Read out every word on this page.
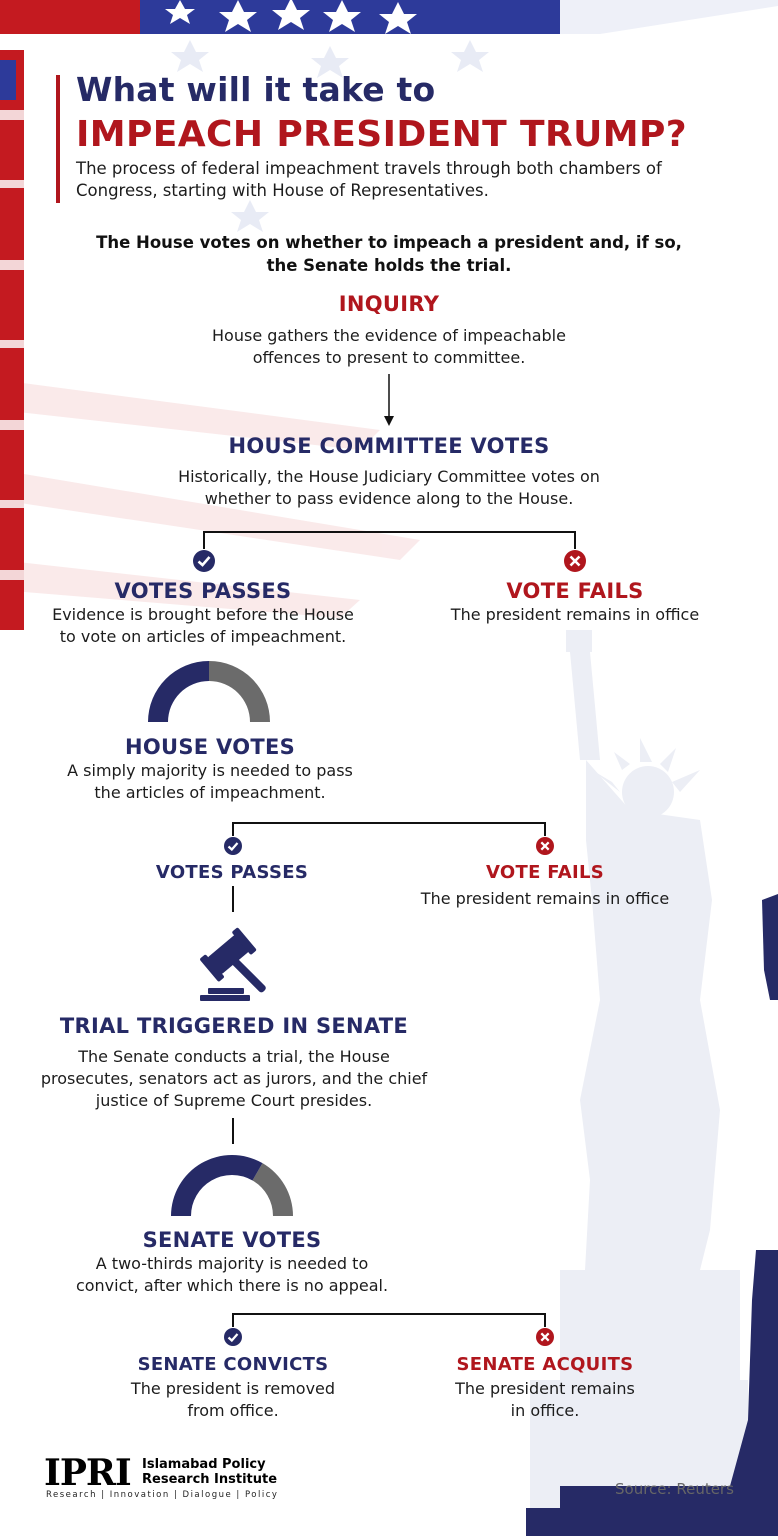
What will it take to
IMPEACH PRESIDENT TRUMP?
The process of federal impeachment travels through both chambers of Congress, starting with House of Representatives.
The House votes on whether to impeach a president and, if so,
the Senate holds the trial.
INQUIRY
House gathers the evidence of impeachable
offences to present to committee.
HOUSE COMMITTEE VOTES
Historically, the House Judiciary Committee votes on
whether to pass evidence along to the House.
VOTES PASSES
Evidence is brought before the House
to vote on articles of impeachment.
VOTE FAILS
The president remains in office
HOUSE VOTES
A simply majority is needed to pass
the articles of impeachment.
VOTES PASSES	VOTE FAILS
The president remains in office
TRIAL TRIGGERED IN SENATE
The Senate conducts a trial, the House
prosecutes, senators act as jurors, and the chief
justice of Supreme Court presides.
SENATE VOTES
A two-thirds majority is needed to
convict, after which there is no appeal.
SENATE CONVICTS
The president is removed
from office.
SENATE ACQUITS
The president remains
in office.
IPRI Islamabad Policy
Research Institute
Research | Innovation | Dialogue | Policy	Source: Reuters
